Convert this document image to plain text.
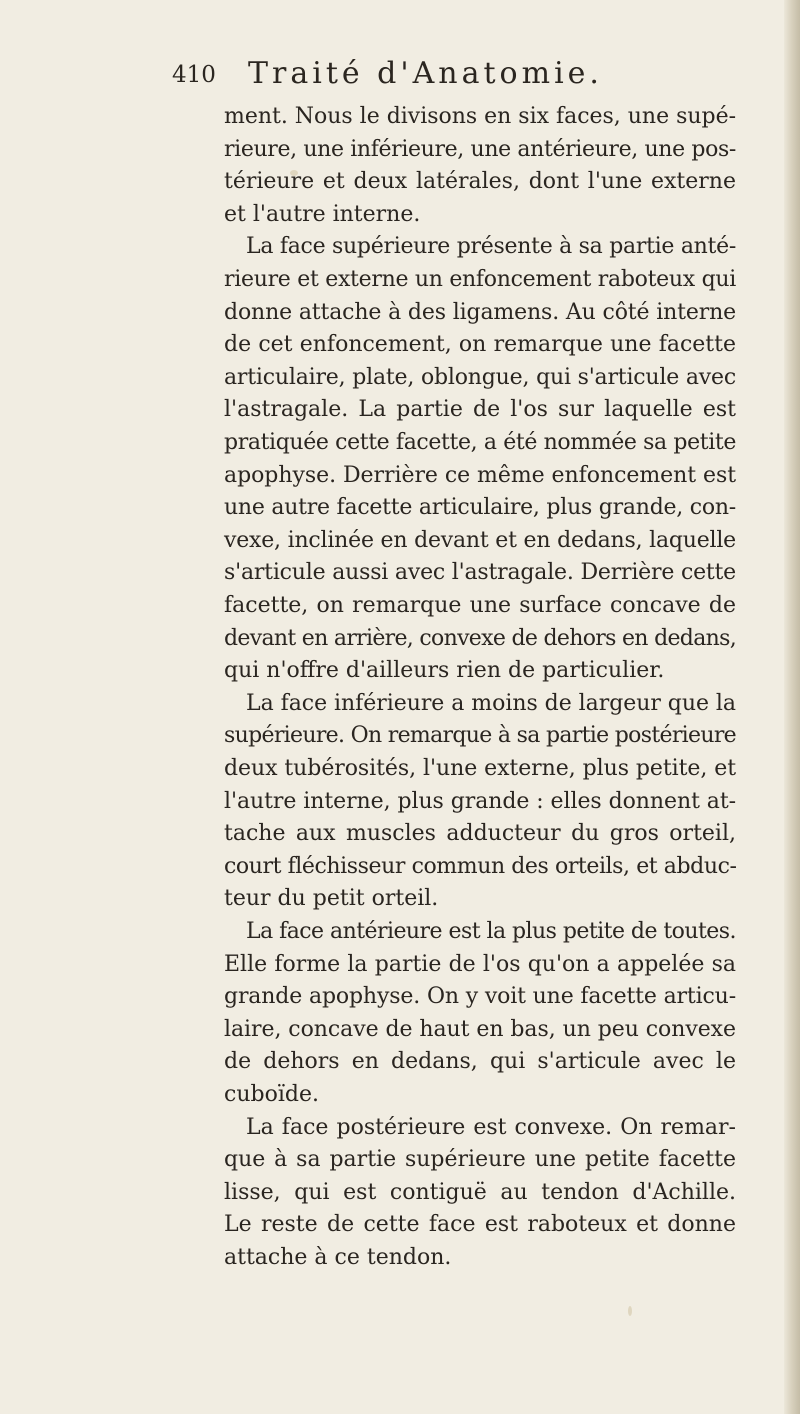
410 Traité d'Anatomie.
ment. Nous le divisons en six faces, une supé-
rieure, une inférieure, une antérieure, une pos-
térieure et deux latérales, dont l'une externe
et l'autre interne.
La face supérieure présente à sa partie anté-
rieure et externe un enfoncement raboteux qui
donne attache à des ligamens. Au côté interne
de cet enfoncement, on remarque une facette
articulaire, plate, oblongue, qui s'articule avec
l'astragale. La partie de l'os sur laquelle est
pratiquée cette facette, a été nommée sa petite
apophyse. Derrière ce même enfoncement est
une autre facette articulaire, plus grande, con-
vexe, inclinée en devant et en dedans, laquelle
s'articule aussi avec l'astragale. Derrière cette
facette, on remarque une surface concave de
devant en arrière, convexe de dehors en dedans,
qui n'offre d'ailleurs rien de particulier.
La face inférieure a moins de largeur que la
supérieure. On remarque à sa partie postérieure
deux tubérosités, l'une externe, plus petite, et
l'autre interne, plus grande : elles donnent at-
tache aux muscles adducteur du gros orteil,
court fléchisseur commun des orteils, et abduc-
teur du petit orteil.
La face antérieure est la plus petite de toutes.
Elle forme la partie de l'os qu'on a appelée sa
grande apophyse. On y voit une facette articu-
laire, concave de haut en bas, un peu convexe
de dehors en dedans, qui s'articule avec le
cuboïde.
La face postérieure est convexe. On remar-
que à sa partie supérieure une petite facette
lisse, qui est contiguë au tendon d'Achille.
Le reste de cette face est raboteux et donne
attache à ce tendon.
